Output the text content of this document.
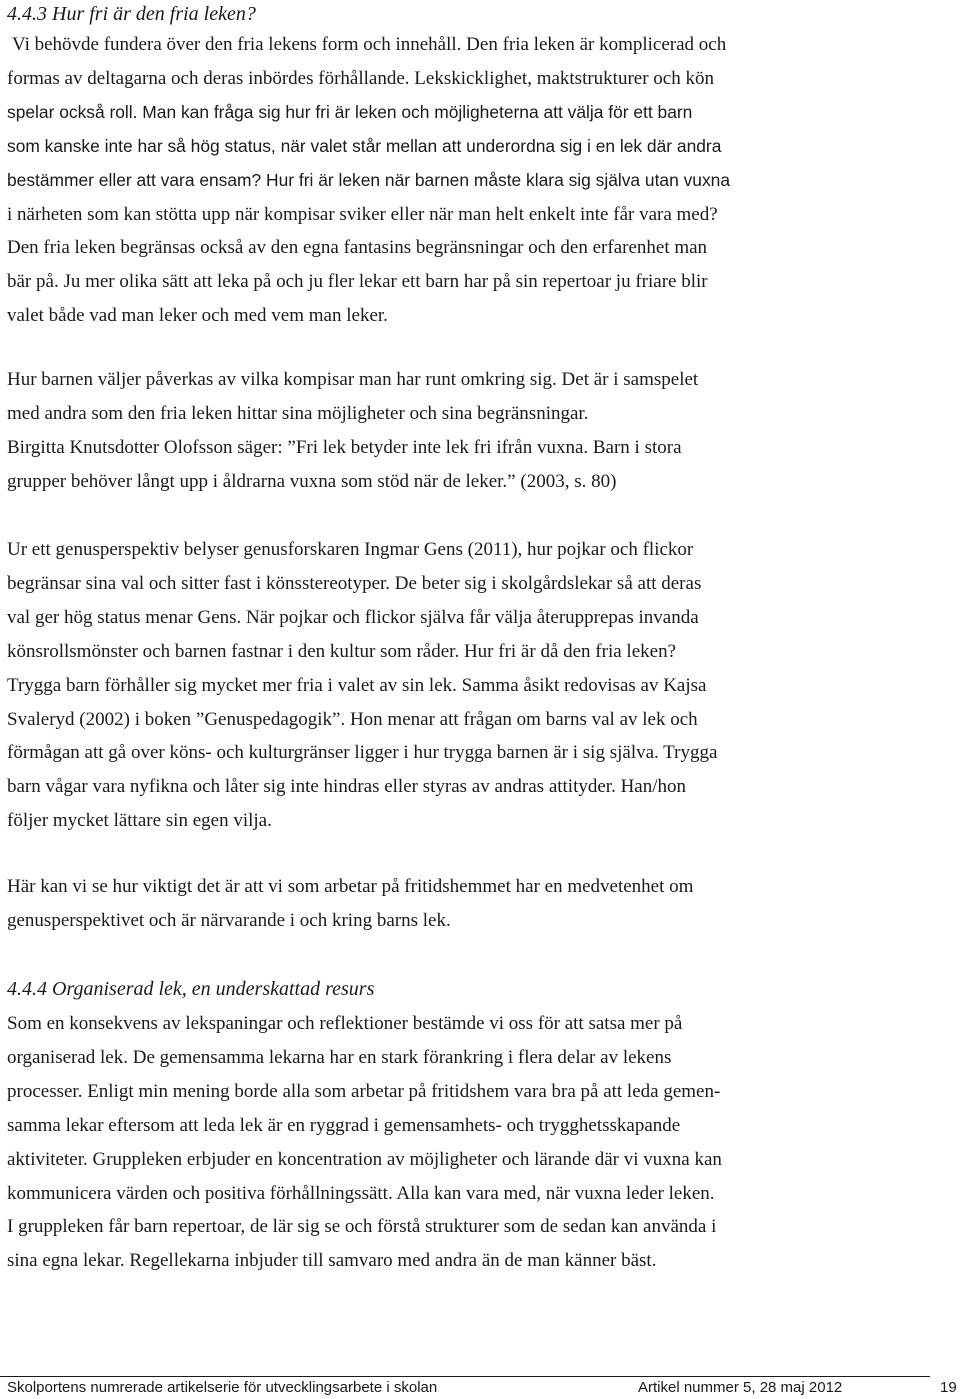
4.4.3 Hur fri är den fria leken?
Vi behövde fundera över den fria lekens form och innehåll. Den fria leken är komplicerad och
formas av deltagarna och deras inbördes förhållande. Lekskicklighet, maktstrukturer och kön
spelar också roll. Man kan fråga sig hur fri är leken och möjligheterna att välja för ett barn
som kanske inte har så hög status, när valet står mellan att underordna sig i en lek där andra
bestämmer eller att vara ensam? Hur fri är leken när barnen måste klara sig själva utan vuxna
i närheten som kan stötta upp när kompisar sviker eller när man helt enkelt inte får vara med?
Den fria leken begränsas också av den egna fantasins begränsningar och den erfarenhet man
bär på. Ju mer olika sätt att leka på och ju fler lekar ett barn har på sin repertoar ju friare blir
valet både vad man leker och med vem man leker.
Hur barnen väljer påverkas av vilka kompisar man har runt omkring sig. Det är i samspelet
med andra som den fria leken hittar sina möjligheter och sina begränsningar.
Birgitta Knutsdotter Olofsson säger: ”Fri lek betyder inte lek fri ifrån vuxna. Barn i stora
grupper behöver långt upp i åldrarna vuxna som stöd när de leker.” (2003, s. 80)
Ur ett genusperspektiv belyser genusforskaren Ingmar Gens (2011), hur pojkar och flickor
begränsar sina val och sitter fast i könsstereotyper. De beter sig i skolgårdslekar så att deras
val ger hög status menar Gens. När pojkar och flickor själva får välja återupprepas invanda
könsrollsmönster och barnen fastnar i den kultur som råder. Hur fri är då den fria leken?
Trygga barn förhåller sig mycket mer fria i valet av sin lek. Samma åsikt redovisas av Kajsa
Svaleryd (2002) i boken ”Genuspedagogik”. Hon menar att frågan om barns val av lek och
förmågan att gå over köns- och kulturgränser ligger i hur trygga barnen är i sig själva. Trygga
barn vågar vara nyfikna och låter sig inte hindras eller styras av andras attityder. Han/hon
följer mycket lättare sin egen vilja.
Här kan vi se hur viktigt det är att vi som arbetar på fritidshemmet har en medvetenhet om
genusperspektivet och är närvarande i och kring barns lek.
4.4.4 Organiserad lek, en underskattad resurs
Som en konsekvens av lekspaningar och reflektioner bestämde vi oss för att satsa mer på
organiserad lek. De gemensamma lekarna har en stark förankring i flera delar av lekens
processer. Enligt min mening borde alla som arbetar på fritidshem vara bra på att leda gemen-
samma lekar eftersom att leda lek är en ryggrad i gemensamhets- och trygghetsskapande
aktiviteter. Gruppleken erbjuder en koncentration av möjligheter och lärande där vi vuxna kan
kommunicera värden och positiva förhållningssätt. Alla kan vara med, när vuxna leder leken.
I gruppleken får barn repertoar, de lär sig se och förstå strukturer som de sedan kan använda i
sina egna lekar. Regellekarna inbjuder till samvaro med andra än de man känner bäst.
Skolportens numrerade artikelserie för utvecklingsarbete i skolan	Artikel nummer 5, 28 maj 2012	19
